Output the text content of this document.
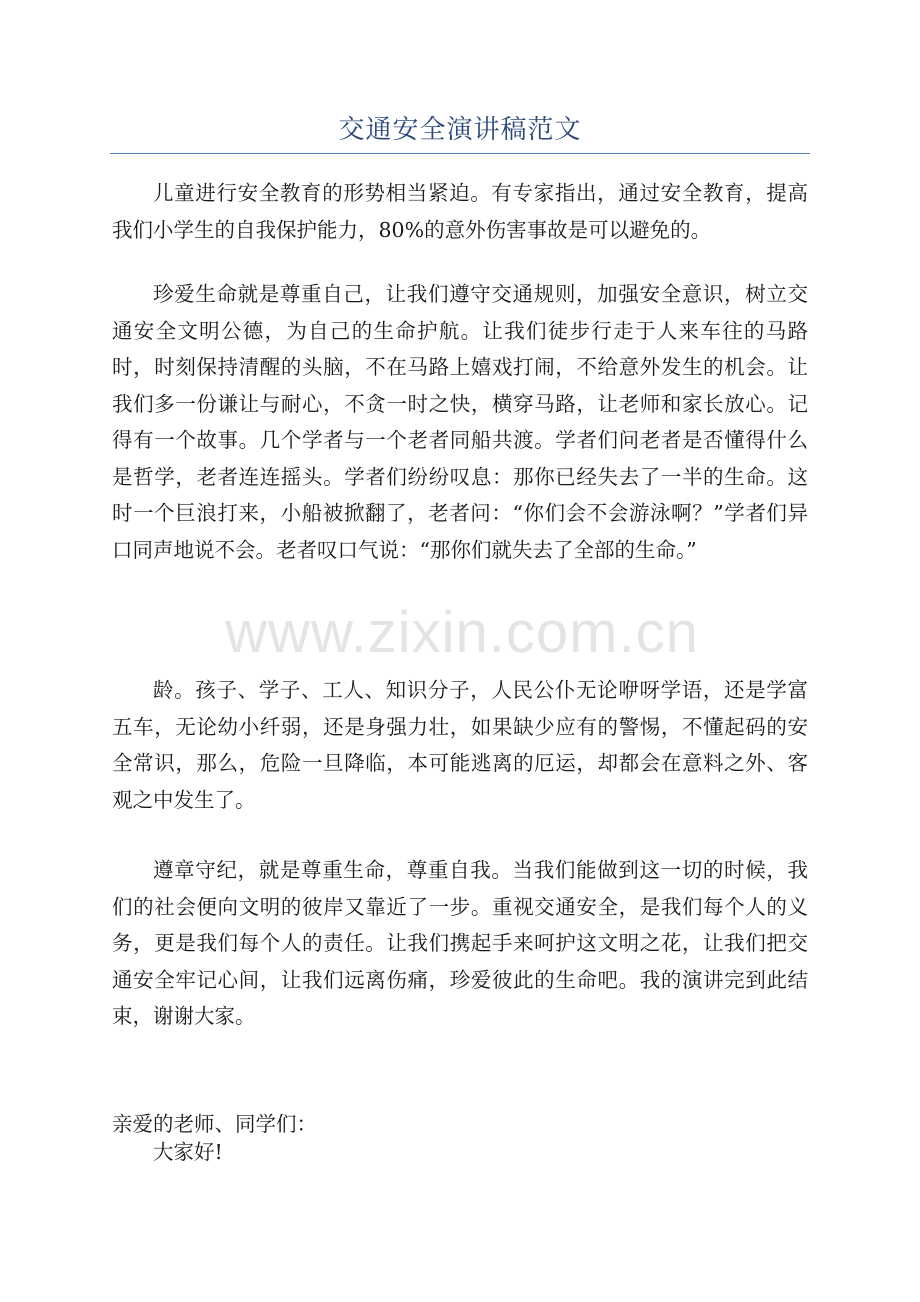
交通安全演讲稿范文

儿童进行安全教育的形势相当紧迫。有专家指出，通过安全教育，提高我们小学生的自我保护能力，80%的意外伤害事故是可以避免的。

珍爱生命就是尊重自己，让我们遵守交通规则，加强安全意识，树立交通安全文明公德，为自己的生命护航。让我们徒步行走于人来车往的马路时，时刻保持清醒的头脑，不在马路上嬉戏打闹，不给意外发生的机会。让我们多一份谦让与耐心，不贪一时之快，横穿马路，让老师和家长放心。记得有一个故事。几个学者与一个老者同船共渡。学者们问老者是否懂得什么是哲学，老者连连摇头。学者们纷纷叹息：那你已经失去了一半的生命。这时一个巨浪打来，小船被掀翻了，老者问：“你们会不会游泳啊？”学者们异口同声地说不会。老者叹口气说：“那你们就失去了全部的生命。”

龄。孩子、学子、工人、知识分子，人民公仆无论咿呀学语，还是学富五车，无论幼小纤弱，还是身强力壮，如果缺少应有的警惕，不懂起码的安全常识，那么，危险一旦降临，本可能逃离的厄运，却都会在意料之外、客观之中发生了。

遵章守纪，就是尊重生命，尊重自我。当我们能做到这一切的时候，我们的社会便向文明的彼岸又靠近了一步。重视交通安全，是我们每个人的义务，更是我们每个人的责任。让我们携起手来呵护这文明之花，让我们把交通安全牢记心间，让我们远离伤痛，珍爱彼此的生命吧。我的演讲完到此结束，谢谢大家。

亲爱的老师、同学们：

大家好!

www.zixin.com.cn
